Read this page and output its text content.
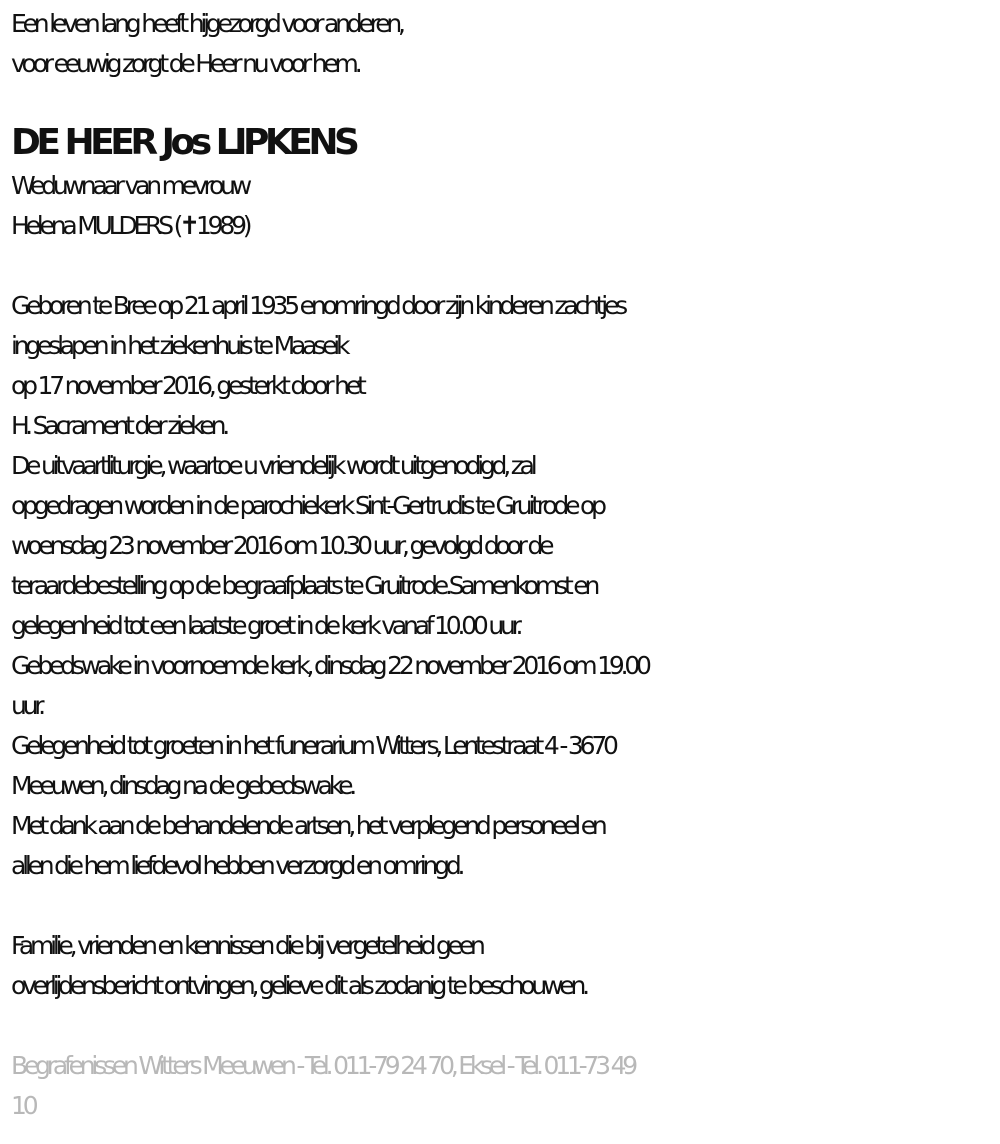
Een leven lang heeft hijgezorgd voor anderen,

voor eeuwig zorgt de Heer nu voor hem.

DE HEER Jos LIPKENS

Weduwnaar van mevrouw

Helena MULDERS (✝1989)

Geboren te Bree op 21 april 1935 enomringd door zijn kinderen zachtjes

ingeslapen in het ziekenhuis te Maaseik

op 17 november 2016, gesterkt door het

H. Sacrament der zieken.

De uitvaartliturgie, waartoe u vriendelijk wordt uitgenodigd, zal

opgedragen worden in de parochiekerk Sint-Gertrudis te Gruitrode op

woensdag 23 november 2016 om 10.30 uur, gevolgd door de

teraardebestelling op de begraafplaats te Gruitrode.Samenkomst en

gelegenheid tot een laatste groet in de kerk vanaf 10.00 uur.

Gebedswake in voornoemde kerk, dinsdag 22 november 2016 om 19.00

uur.

Gelegenheid tot groeten in het funerarium Witters, Lentestraat 4 - 3670

Meeuwen, dinsdag na de gebedswake.

Met dank aan de behandelende artsen, het verplegend personeel en

allen die hem liefdevol hebben verzorgd en omringd.

Familie, vrienden en kennissen die bij vergetelheid geen

overlijdensbericht ontvingen, gelieve dit als zodanig te beschouwen.

Begrafenissen Witters Meeuwen - Tel. 011-79 24 70, Eksel - Tel. 011-73 49

10
